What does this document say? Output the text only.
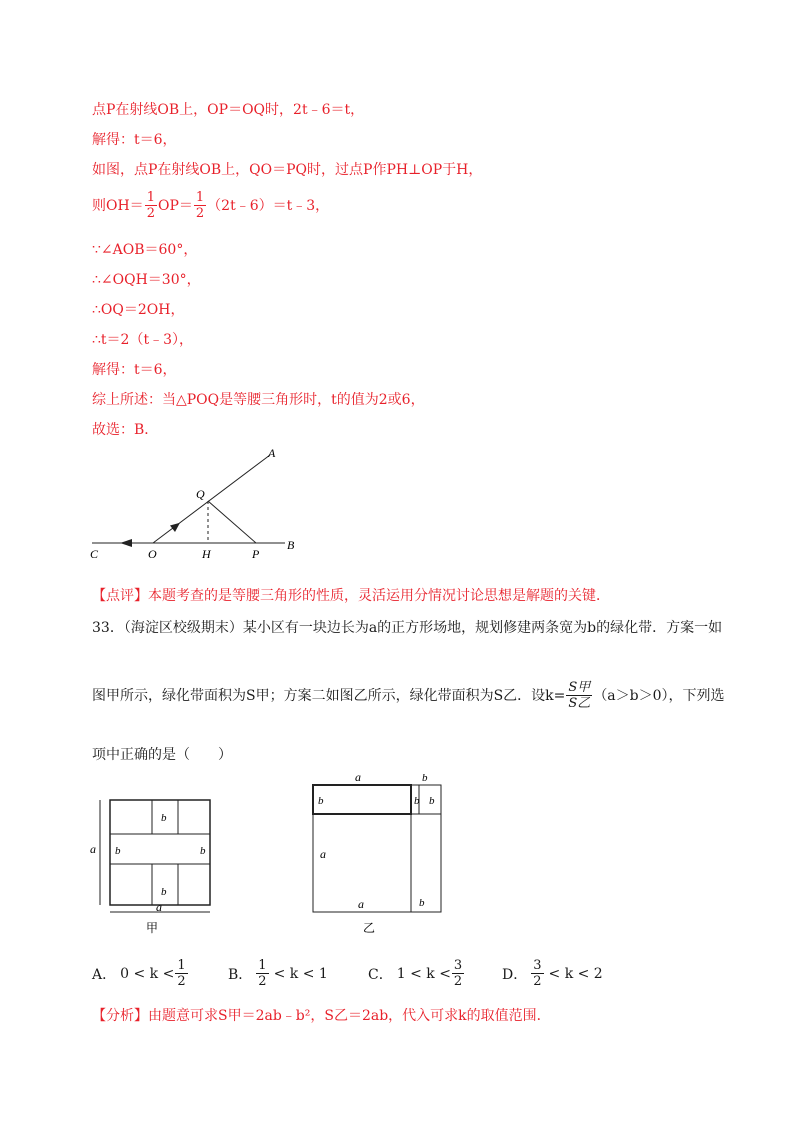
点P在射线OB上，OP＝OQ时，2t﹣6＝t，
解得：t＝6，
如图，点P在射线OB上，QO＝PQ时，过点P作PH⊥OP于H，
则$OH= \frac{1}{2} OP= \frac{1}{2}$ （2t﹣6）＝t﹣3，
∵∠AOB＝60°，
∴∠OQH＝30°，
∴OQ＝2OH，
∴t＝2（t﹣3），
解得：t＝6，
综上所述：当△POQ是等腰三角形时，t的值为2或6，
故选：B．
A
Q
C	O	H	P
B
【点评】本题考查的是等腰三角形的性质，灵活运用分情况讨论思想是解题的关键．
33．（海淀区校级期末）某小区有一块边长为a的正方形场地，规划修建两条宽为b的绿化带．方案一如
图甲所示，绿化带面积为S甲；方案二如图乙所示，绿化带面积为S乙．设$k= \frac{\text{S甲}}{\text{S乙}} (a>b>0)$，下列选
项中正确的是（　　）
b
b	b
b
a
a
甲
a	b
b	b b
a
b
a
乙
A． $0 < k < \frac{1}{2}$	B． $\frac{1}{2} < k < 1$	C． $1 < k < \frac{3}{2}$	D． $\frac{3}{2} < k < 2$
【分析】由题意可求S甲＝2ab﹣b²，S乙＝2ab，代入可求k的取值范围．
